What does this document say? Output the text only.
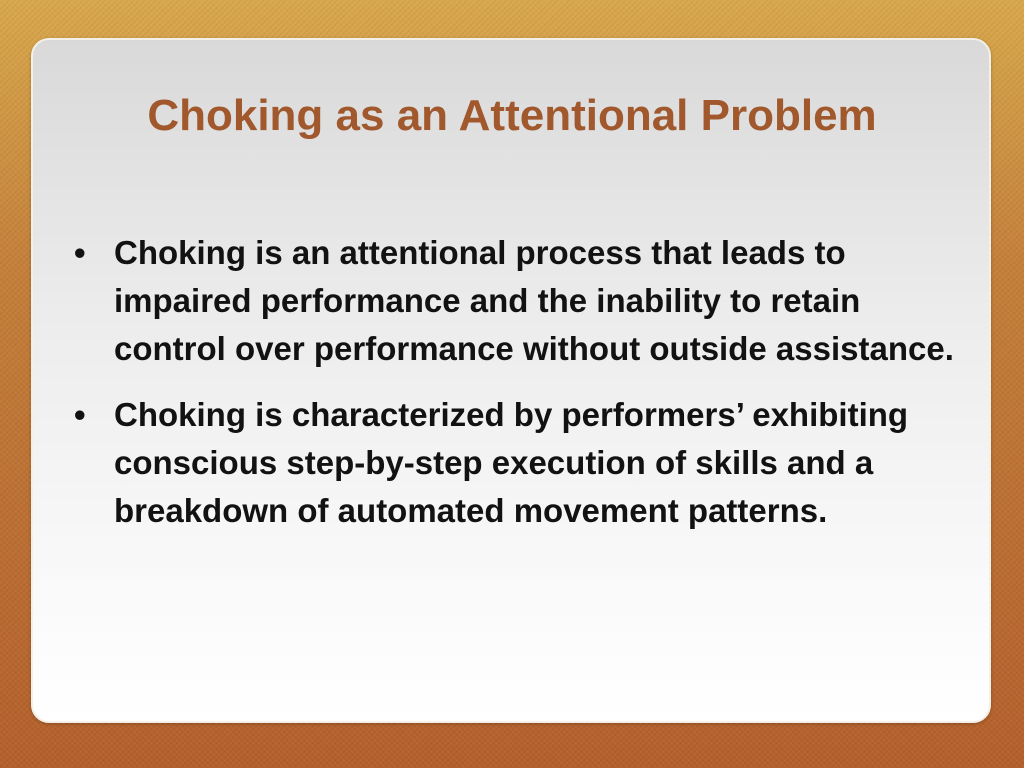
Choking as an Attentional Problem
• Choking is an attentional process that leads to impaired performance and the inability to retain control over performance without outside assistance.
• Choking is characterized by performers’ exhibiting conscious step-by-step execution of skills and a breakdown of automated movement patterns.
